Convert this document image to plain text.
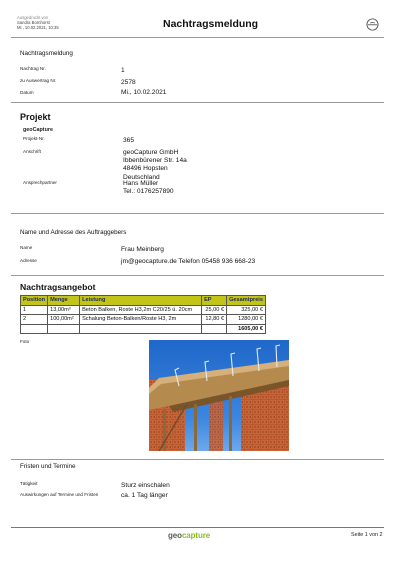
Ausgedruckt von
Sandra Bornhorst
Mi., 10.02.2021, 10:35	Nachtragsmeldung
Nachtragsmeldung
Nachtrag Nr.	1
zu Auswertrag Nr.	2578
Datum	Mi., 10.02.2021
Projekt
geoCapture
Projekt-Nr.	365
Anschrift	geoCapture GmbH
Ibbenbürener Str. 14a
48496 Hopsten
Deutschland
Ansprechpartner	Hans Müller
Tel.: 0176257890
Name und Adresse des Auftraggebers
Name	Frau Meinberg
Adresse	jm@geocapture.de Telefon 05458 936 668-23
Nachtragsangebot
Position	Menge	Leistung	EP	Gesamtpreis
1	13,00m³	Beton Balken, Roste H3,2m C20/25 ü. 20cm	25,00 €	325,00 €
2	100,00m²	Schalung Beton-Balken/Roste H3, 2m	12,80 €	1280,00 €
				1605,00 €
Foto
Fristen und Termine
Tätigkeit	Sturz einschalen
Auswirkungen auf Termine und Fristen	ca. 1 Tag länger
geocapture	Seite 1 von 2
